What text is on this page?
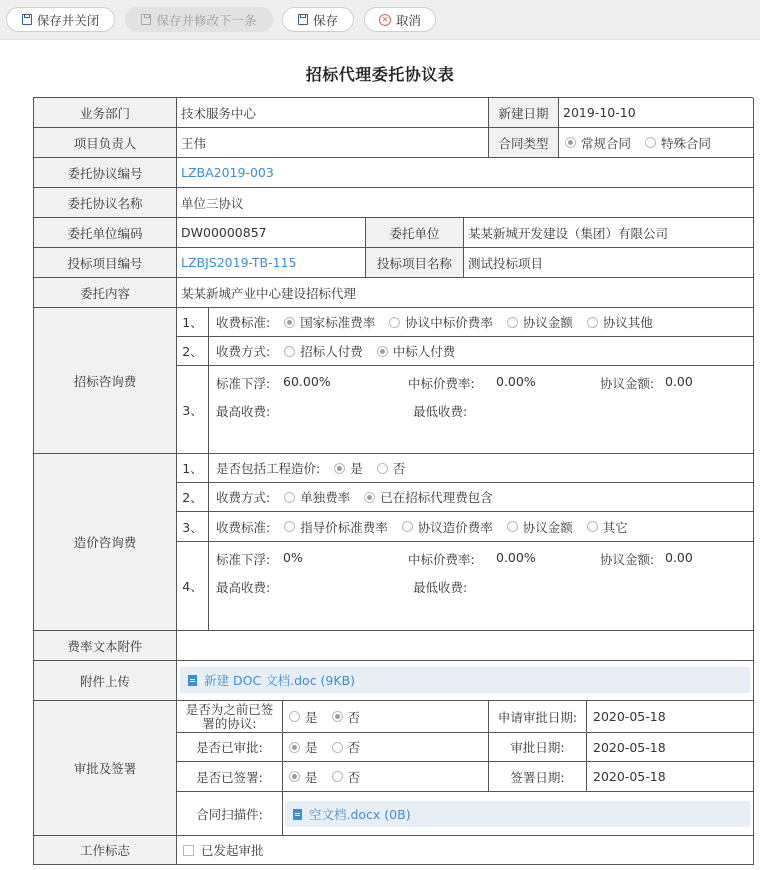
保存并关闭	保存并修改下一条	保存	✕ 取消
招标代理委托协议表
业务部门	技术服务中心	新建日期	2019-10-10
项目负责人	王伟	合同类型	常规合同 特殊合同
委托协议编号	LZBA2019-003
委托协议名称	单位三协议
委托单位编码	DW00000857	委托单位	某某新城开发建设（集团）有限公司
投标项目编号	LZBJS2019-TB-115	投标项目名称	测试投标项目
委托内容	某某新城产业中心建设招标代理
招标咨询费
1、	收费标准: 国家标准费率 协议中标价费率 协议金额 协议其他
2、	收费方式: 招标人付费 中标人付费
3、
标准下浮: 60.00%	中标价费率: 0.00%	协议金额: 0.00
最高收费:	最低收费:
造价咨询费
1、	是否包括工程造价: 是 否
2、	收费方式: 单独费率 已在招标代理费包含
3、	收费标准: 指导价标准费率 协议造价费率 协议金额 其它
4、
标准下浮: 0%	中标价费率: 0.00%	协议金额: 0.00
最高收费:	最低收费:
费率文本附件
附件上传	新建 DOC 文档.doc (9KB)
审批及签署
是否为之前已签
署的协议:	是 否	申请审批日期:	2020-05-18
是否已审批:	是 否	审批日期:	2020-05-18
是否已签署:	是 否	签署日期:	2020-05-18
合同扫描件:	空文档.docx (0B)
工作标志	已发起审批
